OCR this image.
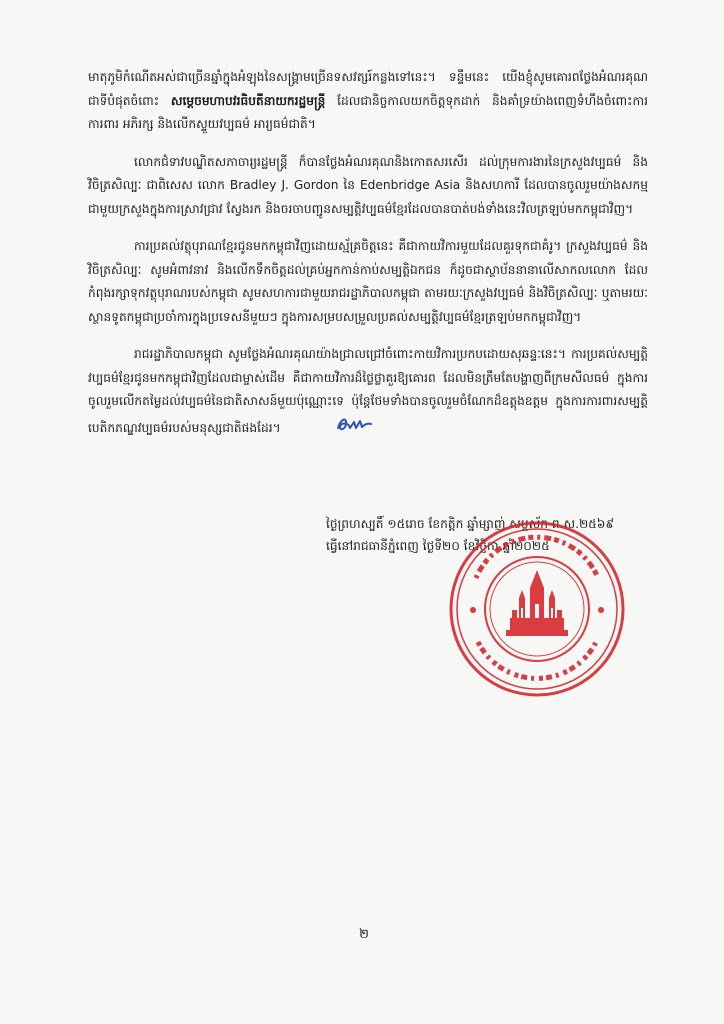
មាតុភូមិកំណើតអស់ជាច្រើនឆ្នាំក្នុងអំឡុងនៃសង្គ្រាមច្រើនទសវត្សរ៍កន្លងទៅនេះ។ ទន្ទឹមនេះ យើងខ្ញុំសូមគោរពថ្លែងអំណរគុណជាទីបំផុតចំពោះ សម្ដេចមហាបវរធិបតីនាយករដ្ឋមន្ត្រី ដែលជានិច្ចកាលយកចិត្តទុកដាក់ និងគាំទ្រយ៉ាងពេញទំហឹងចំពោះការការពារ អភិរក្ស និងលើកស្ទួយវប្បធម៌ អារ្យធម៌ជាតិ។

លោកជំទាវបណ្ឌិតសភាចារ្យរដ្ឋមន្ត្រី ក៏បានថ្លែងអំណរគុណនិងកោតសរសើរ ដល់ក្រុមការងារនៃក្រសួងវប្បធម៌ និងវិចិត្រសិល្បៈ ជាពិសេស លោក Bradley J. Gordon នៃ Edenbridge Asia និងសហការី ដែលបានចូលរួមយ៉ាងសកម្មជាមួយក្រសួងក្នុងការស្រាវជ្រាវ ស្វែងរក និងចរចាបញ្ជូនសម្បត្តិវប្បធម៌ខ្មែរដែលបានបាត់បង់ទាំងនេះវិលត្រឡប់មកកម្ពុជាវិញ។

ការប្រគល់វត្ថុបុរាណខ្មែរជូនមកកម្ពុជាវិញដោយស្ម័គ្រចិត្តនេះ គឺជាកាយវិការមួយដែលគួរទុកជាគំរូ។ ក្រសួងវប្បធម៌ និងវិចិត្រសិល្បៈ សូមអំពាវនាវ និងលើកទឹកចិត្តដល់គ្រប់អ្នកកាន់កាប់សម្បត្តិឯកជន ក៏ដូចជាស្ថាប័ននានាលើសាកលលោក ដែលកំពុងរក្សាទុកវត្ថុបុរាណរបស់កម្ពុជា សូមសហការជាមួយរាជរដ្ឋាភិបាលកម្ពុជា តាមរយៈក្រសួងវប្បធម៌ និងវិចិត្រសិល្បៈ ឬតាមរយៈស្ថានទូតកម្ពុជាប្រចាំការក្នុងប្រទេសនីមួយៗ ក្នុងការសម្របសម្រួលប្រគល់សម្បត្តិវប្បធម៌ខ្មែរត្រឡប់មកកម្ពុជាវិញ។

រាជរដ្ឋាភិបាលកម្ពុជា សូមថ្លែងអំណរគុណយ៉ាងជ្រាលជ្រៅចំពោះកាយវិការប្រកបដោយសុឆន្ទៈនេះ។ ការប្រគល់សម្បត្តិវប្បធម៌ខ្មែរជូនមកកម្ពុជាវិញដែលជាម្ចាស់ដើម គឺជាកាយវិការដ៏ថ្លៃថ្លាគួរឱ្យគោរព ដែលមិនត្រឹមតែបង្ហាញពីក្រមសីលធម៌ ក្នុងការចូលរួមលើកតម្លៃដល់វប្បធម៌នៃជាតិសាសន៍មួយប៉ុណ្ណោះទេ ប៉ុន្តែថែមទាំងបានចូលរួមចំណែកដ៏ឧត្ដុងឧត្ដម ក្នុងការការពារសម្បត្តិបេតិកភណ្ឌវប្បធម៌របស់មនុស្សជាតិផងដែរ។

ថ្ងៃព្រហស្បតិ៍ ១៥រោច ខែកត្តិក ឆ្នាំម្សាញ់ សប្តស័ក ព.ស.២៥៦៩
ធ្វើនៅរាជធានីភ្នំពេញ ថ្ងៃទី២០ ខែវិច្ឆិកា ឆ្នាំ២០២៥
២
